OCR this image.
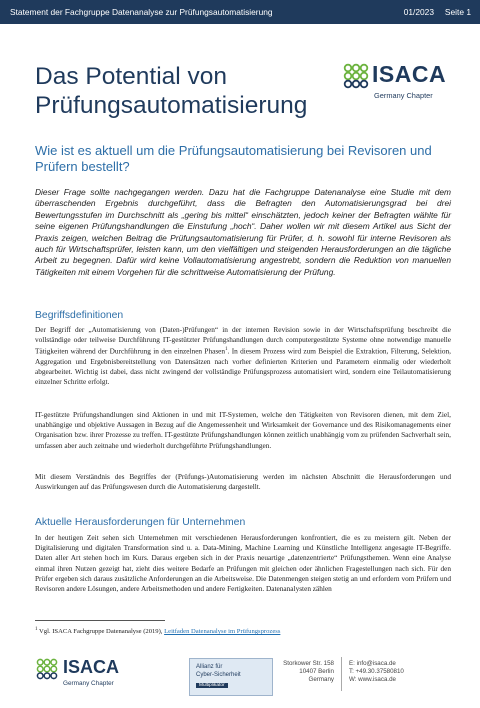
Statement der Fachgruppe Datenanalyse zur Prüfungsautomatisierung	01/2023 Seite 1
Das Potential von
Prüfungsautomatisierung
ISACA
Germany Chapter
Wie ist es aktuell um die Prüfungsautomatisierung bei Revisoren und Prüfern bestellt?
Dieser Frage sollte nachgegangen werden. Dazu hat die Fachgruppe Datenanalyse eine Studie mit dem überraschenden Ergebnis durchgeführt, dass die Befragten den Automatisierungsgrad bei drei Bewertungsstufen im Durchschnitt als „gering bis mittel“ einschätzten, jedoch keiner der Befragten wählte für seine eigenen Prüfungshandlungen die Einstufung „hoch“. Daher wollen wir mit diesem Artikel aus Sicht der Praxis zeigen, welchen Beitrag die Prüfungsautomatisierung für Prüfer, d. h. sowohl für interne Revisoren als auch für Wirtschaftsprüfer, leisten kann, um den vielfältigen und steigenden Herausforderungen an die tägliche Arbeit zu begegnen. Dafür wird keine Vollautomatisierung angestrebt, sondern die Reduktion von manuellen Tätigkeiten mit einem Vorgehen für die schrittweise Automatisierung der Prüfung.
Begriffsdefinitionen

Der Begriff der „Automatisierung von (Daten-)Prüfungen“ in der internen Revision sowie in der Wirtschaftsprüfung beschreibt die vollständige oder teilweise Durchführung IT-gestützter Prüfungshandlungen durch computergestützte Systeme ohne notwendige manuelle Tätigkeiten während der Durchführung in den einzelnen Phasen$^1$. In diesem Prozess wird zum Beispiel die Extraktion, Filterung, Selektion, Aggregation und Ergebnisbereitstellung von Datensätzen nach vorher definierten Kriterien und Parametern einmalig oder wiederholt abgearbeitet. Wichtig ist dabei, dass nicht zwingend der vollständige Prüfungsprozess automatisiert wird, sondern eine Teilautomatisierung einzelner Schritte erfolgt.

IT-gestützte Prüfungshandlungen sind Aktionen in und mit IT-Systemen, welche den Tätigkeiten von Revisoren dienen, mit dem Ziel, unabhängige und objektive Aussagen in Bezug auf die Angemessenheit und Wirksamkeit der Governance und des Risikomanagements einer Organisation bzw. ihrer Prozesse zu treffen. IT-gestützte Prüfungshandlungen können zeitlich unabhängig vom zu prüfenden Sachverhalt sein, umfassen aber auch zeitnahe und wiederholt durchgeführte Prüfungshandlungen.

Mit diesem Verständnis des Begriffes der (Prüfungs-)Automatisierung werden im nächsten Abschnitt die Herausforderungen und Auswirkungen auf das Prüfungswesen durch die Automatisierung dargestellt.

Aktuelle Herausforderungen für Unternehmen

In der heutigen Zeit sehen sich Unternehmen mit verschiedenen Herausforderungen konfrontiert, die es zu meistern gilt. Neben der Digitalisierung und digitalen Transformation sind u. a. Data-Mining, Machine Learning und Künstliche Intelligenz angesagte IT-Begriffe. Daten aller Art stehen hoch im Kurs. Daraus ergeben sich in der Praxis neuartige „datenzentrierte“ Prüfungsthemen. Wenn eine Analyse einmal ihren Nutzen gezeigt hat, zieht dies weitere Bedarfe an Prüfungen mit gleichen oder ähnlichen Fragestellungen nach sich. Für den Prüfer ergeben sich daraus zusätzliche Anforderungen an die Arbeitsweise. Die Datenmengen steigen stetig an und erfordern vom Prüfern und Revisoren andere Lösungen, andere Arbeitsmethoden und andere Fertigkeiten. Datenanalysten zählen

$^1$ Vgl. ISACA Fachgruppe Datenanalyse (2019), Leitfaden Datenanalyse im Prüfungsprozess
ISACA
Germany Chapter
Allianz für
Cyber-Sicherheit
Multiplikator
Storkower Str. 158
10407 Berlin
Germany
E: info@isaca.de
T: +49.30.37580810
W: www.isaca.de
